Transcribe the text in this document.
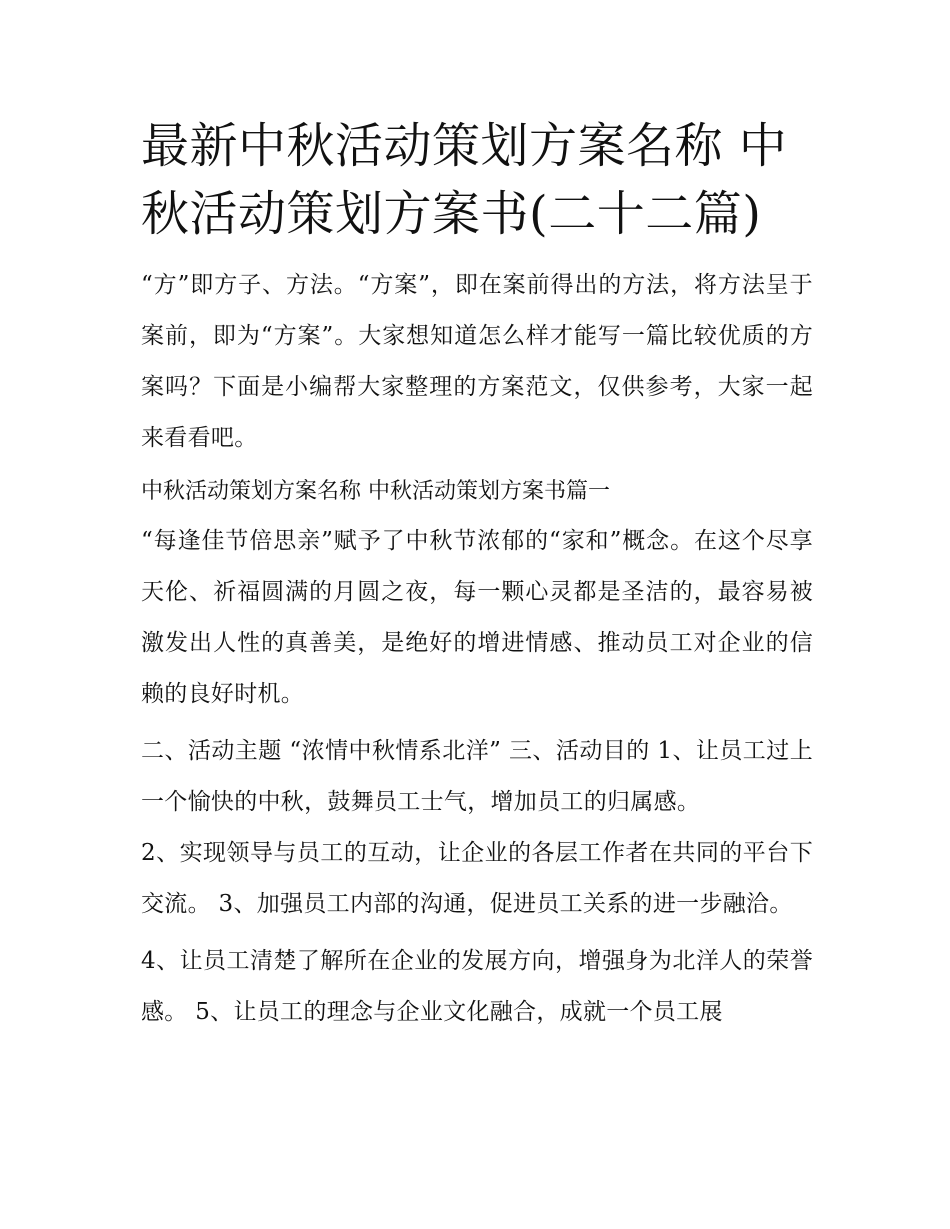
最新中秋活动策划方案名称 中秋活动策划方案书(二十二篇)

“方”即方子、方法。“方案”，即在案前得出的方法，将方法呈于案前，即为“方案”。大家想知道怎么样才能写一篇比较优质的方案吗？下面是小编帮大家整理的方案范文，仅供参考，大家一起来看看吧。

中秋活动策划方案名称 中秋活动策划方案书篇一

“每逢佳节倍思亲”赋予了中秋节浓郁的“家和”概念。在这个尽享天伦、祈福圆满的月圆之夜，每一颗心灵都是圣洁的，最容易被激发出人性的真善美，是绝好的增进情感、推动员工对企业的信赖的良好时机。

二、活动主题 “浓情中秋情系北洋” 三、活动目的 1、让员工过上一个愉快的中秋，鼓舞员工士气，增加员工的归属感。

2、实现领导与员工的互动，让企业的各层工作者在共同的平台下交流。 3、加强员工内部的沟通，促进员工关系的进一步融洽。

4、让员工清楚了解所在企业的发展方向，增强身为北洋人的荣誉感。 5、让员工的理念与企业文化融合，成就一个员工展
